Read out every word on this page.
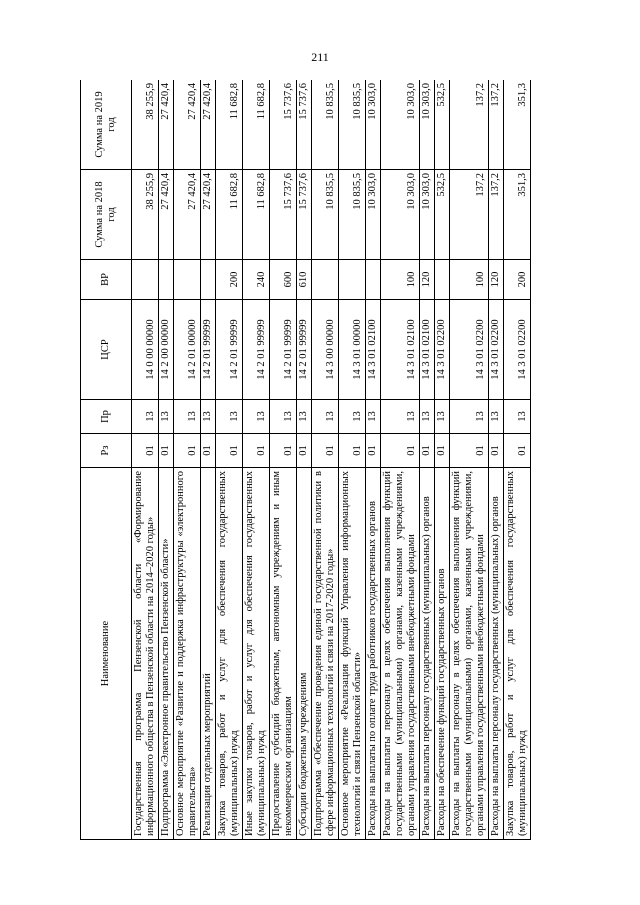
211
Наименование	Рз	Пр	ЦСР	ВР	Сумма на 2018 год	Сумма на 2019 год
Государственная программа Пензенской области «Формирование информационного общества в Пензенской области на 2014–2020 годы»	01	13	14 0 00 00000		38 255,9	38 255,9
Подпрограмма «Электронное правительство Пензенской области»	01	13	14 2 00 00000		27 420,4	27 420,4
Основное мероприятие «Развитие и поддержка инфраструктуры «электронного правительства»	01	13	14 2 01 00000		27 420,4	27 420,4
Реализация отдельных мероприятий	01	13	14 2 01 99999		27 420,4	27 420,4
Закупка товаров, работ и услуг для обеспечения государственных (муниципальных) нужд	01	13	14 2 01 99999	200	11 682,8	11 682,8
Иные закупки товаров, работ и услуг для обеспечения государственных (муниципальных) нужд	01	13	14 2 01 99999	240	11 682,8	11 682,8
Предоставление субсидий бюджетным, автономным учреждениям и иным некоммерческим организациям	01	13	14 2 01 99999	600	15 737,6	15 737,6
Субсидии бюджетным учреждениям	01	13	14 2 01 99999	610	15 737,6	15 737,6
Подпрограмма «Обеспечение проведения единой государственной политики в сфере информационных технологий и связи на 2017-2020 годы»	01	13	14 3 00 00000		10 835,5	10 835,5
Основное мероприятие «Реализация функций Управления информационных технологий и связи Пензенской области»	01	13	14 3 01 00000		10 835,5	10 835,5
Расходы на выплаты по оплате труда работников государственных органов	01	13	14 3 01 02100		10 303,0	10 303,0
Расходы на выплаты персоналу в целях обеспечения выполнения функций государственными (муниципальными) органами, казенными учреждениями, органами управления государственными внебюджетными фондами	01	13	14 3 01 02100	100	10 303,0	10 303,0
Расходы на выплаты персоналу государственных (муниципальных) органов	01	13	14 3 01 02100	120	10 303,0	10 303,0
Расходы на обеспечение функций государственных органов	01	13	14 3 01 02200		532,5	532,5
Расходы на выплаты персоналу в целях обеспечения выполнения функций государственными (муниципальными) органами, казенными учреждениями, органами управления государственными внебюджетными фондами	01	13	14 3 01 02200	100	137,2	137,2
Расходы на выплаты персоналу государственных (муниципальных) органов	01	13	14 3 01 02200	120	137,2	137,2
Закупка товаров, работ и услуг для обеспечения государственных (муниципальных) нужд	01	13	14 3 01 02200	200	351,3	351,3
